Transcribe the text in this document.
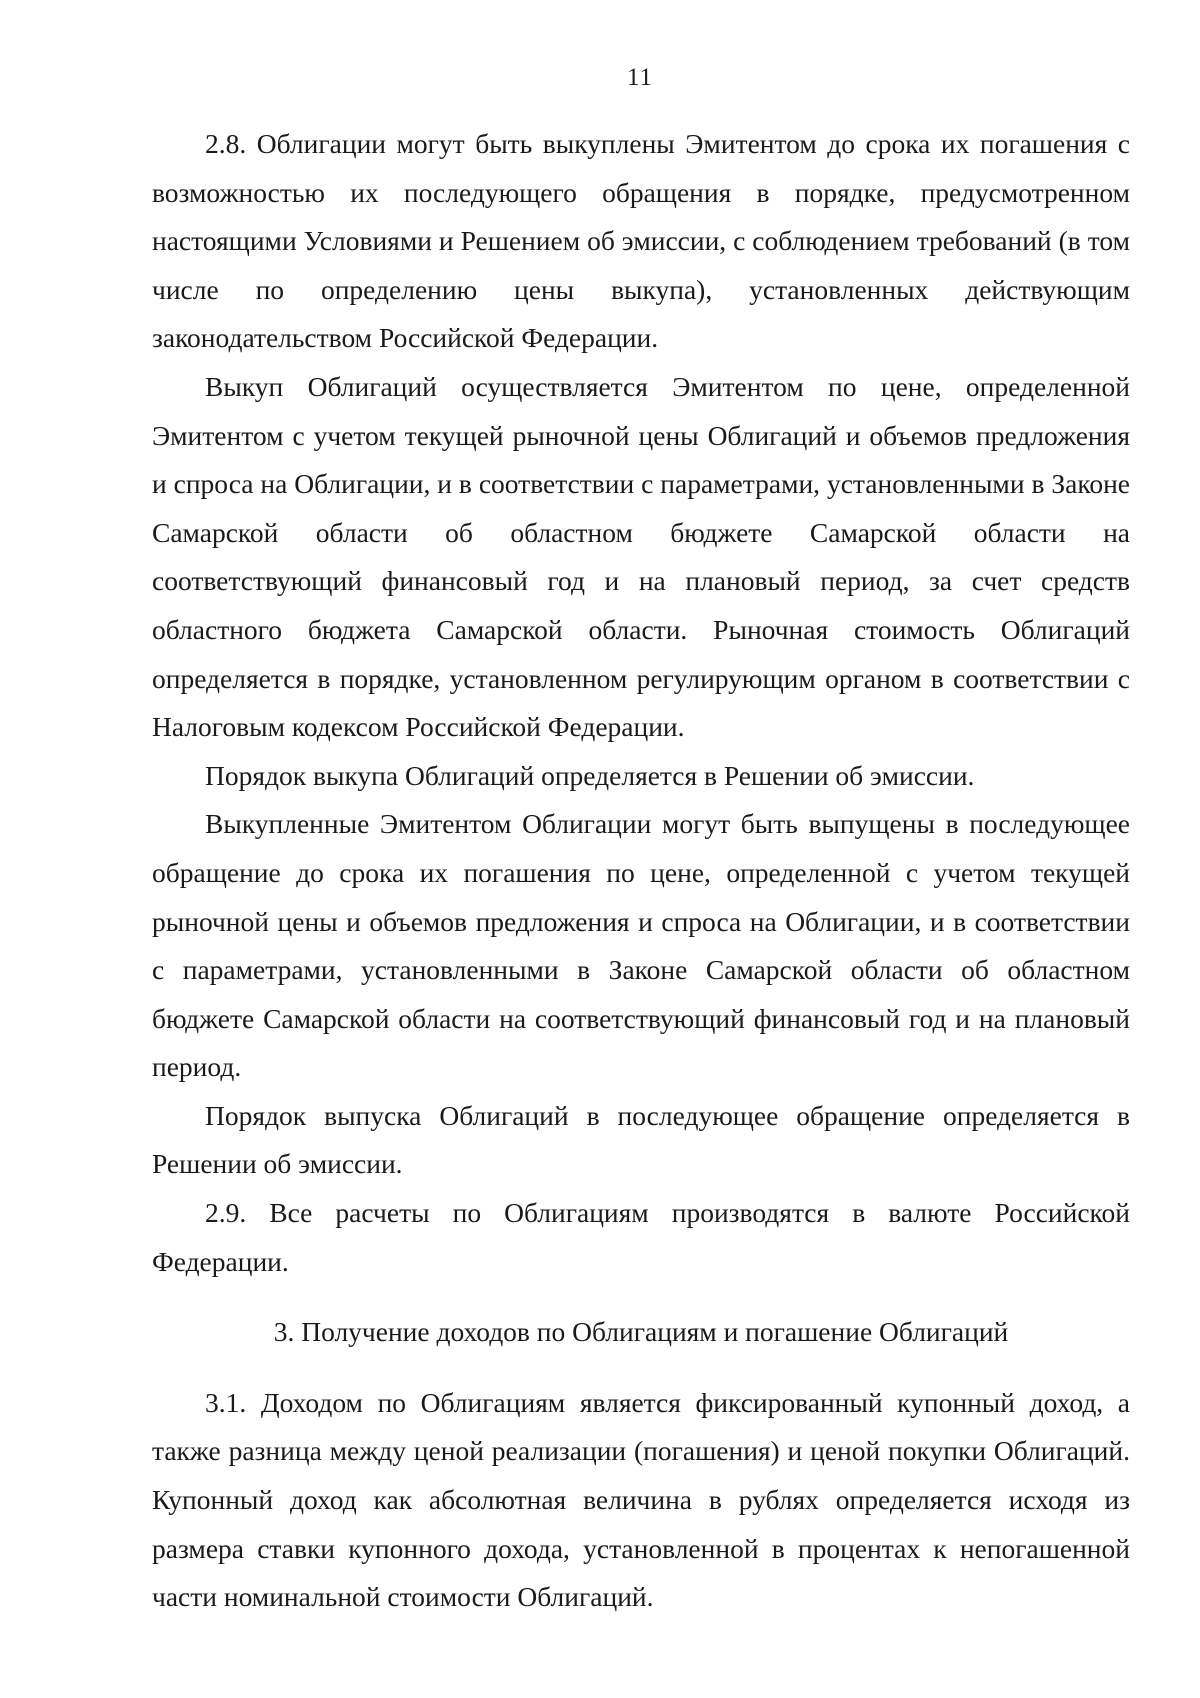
11

2.8. Облигации могут быть выкуплены Эмитентом до срока их погашения с возможностью их последующего обращения в порядке, предусмотренном настоящими Условиями и Решением об эмиссии, с соблюдением требований (в том числе по определению цены выкупа), установленных действующим законодательством Российской Федерации.

Выкуп Облигаций осуществляется Эмитентом по цене, определенной Эмитентом с учетом текущей рыночной цены Облигаций и объемов предложения и спроса на Облигации, и в соответствии с параметрами, установленными в Законе Самарской области об областном бюджете Самарской области на соответствующий финансовый год и на плановый период, за счет средств областного бюджета Самарской области. Рыночная стоимость Облигаций определяется в порядке, установленном регулирующим органом в соответствии с Налоговым кодексом Российской Федерации.

Порядок выкупа Облигаций определяется в Решении об эмиссии.

Выкупленные Эмитентом Облигации могут быть выпущены в последующее обращение до срока их погашения по цене, определенной с учетом текущей рыночной цены и объемов предложения и спроса на Облигации, и в соответствии с параметрами, установленными в Законе Самарской области об областном бюджете Самарской области на соответствующий финансовый год и на плановый период.

Порядок выпуска Облигаций в последующее обращение определяется в Решении об эмиссии.

2.9. Все расчеты по Облигациям производятся в валюте Российской Федерации.

3. Получение доходов по Облигациям и погашение Облигаций

3.1. Доходом по Облигациям является фиксированный купонный доход, а также разница между ценой реализации (погашения) и ценой покупки Облигаций. Купонный доход как абсолютная величина в рублях определяется исходя из размера ставки купонного дохода, установленной в процентах к непогашенной части номинальной стоимости Облигаций.
